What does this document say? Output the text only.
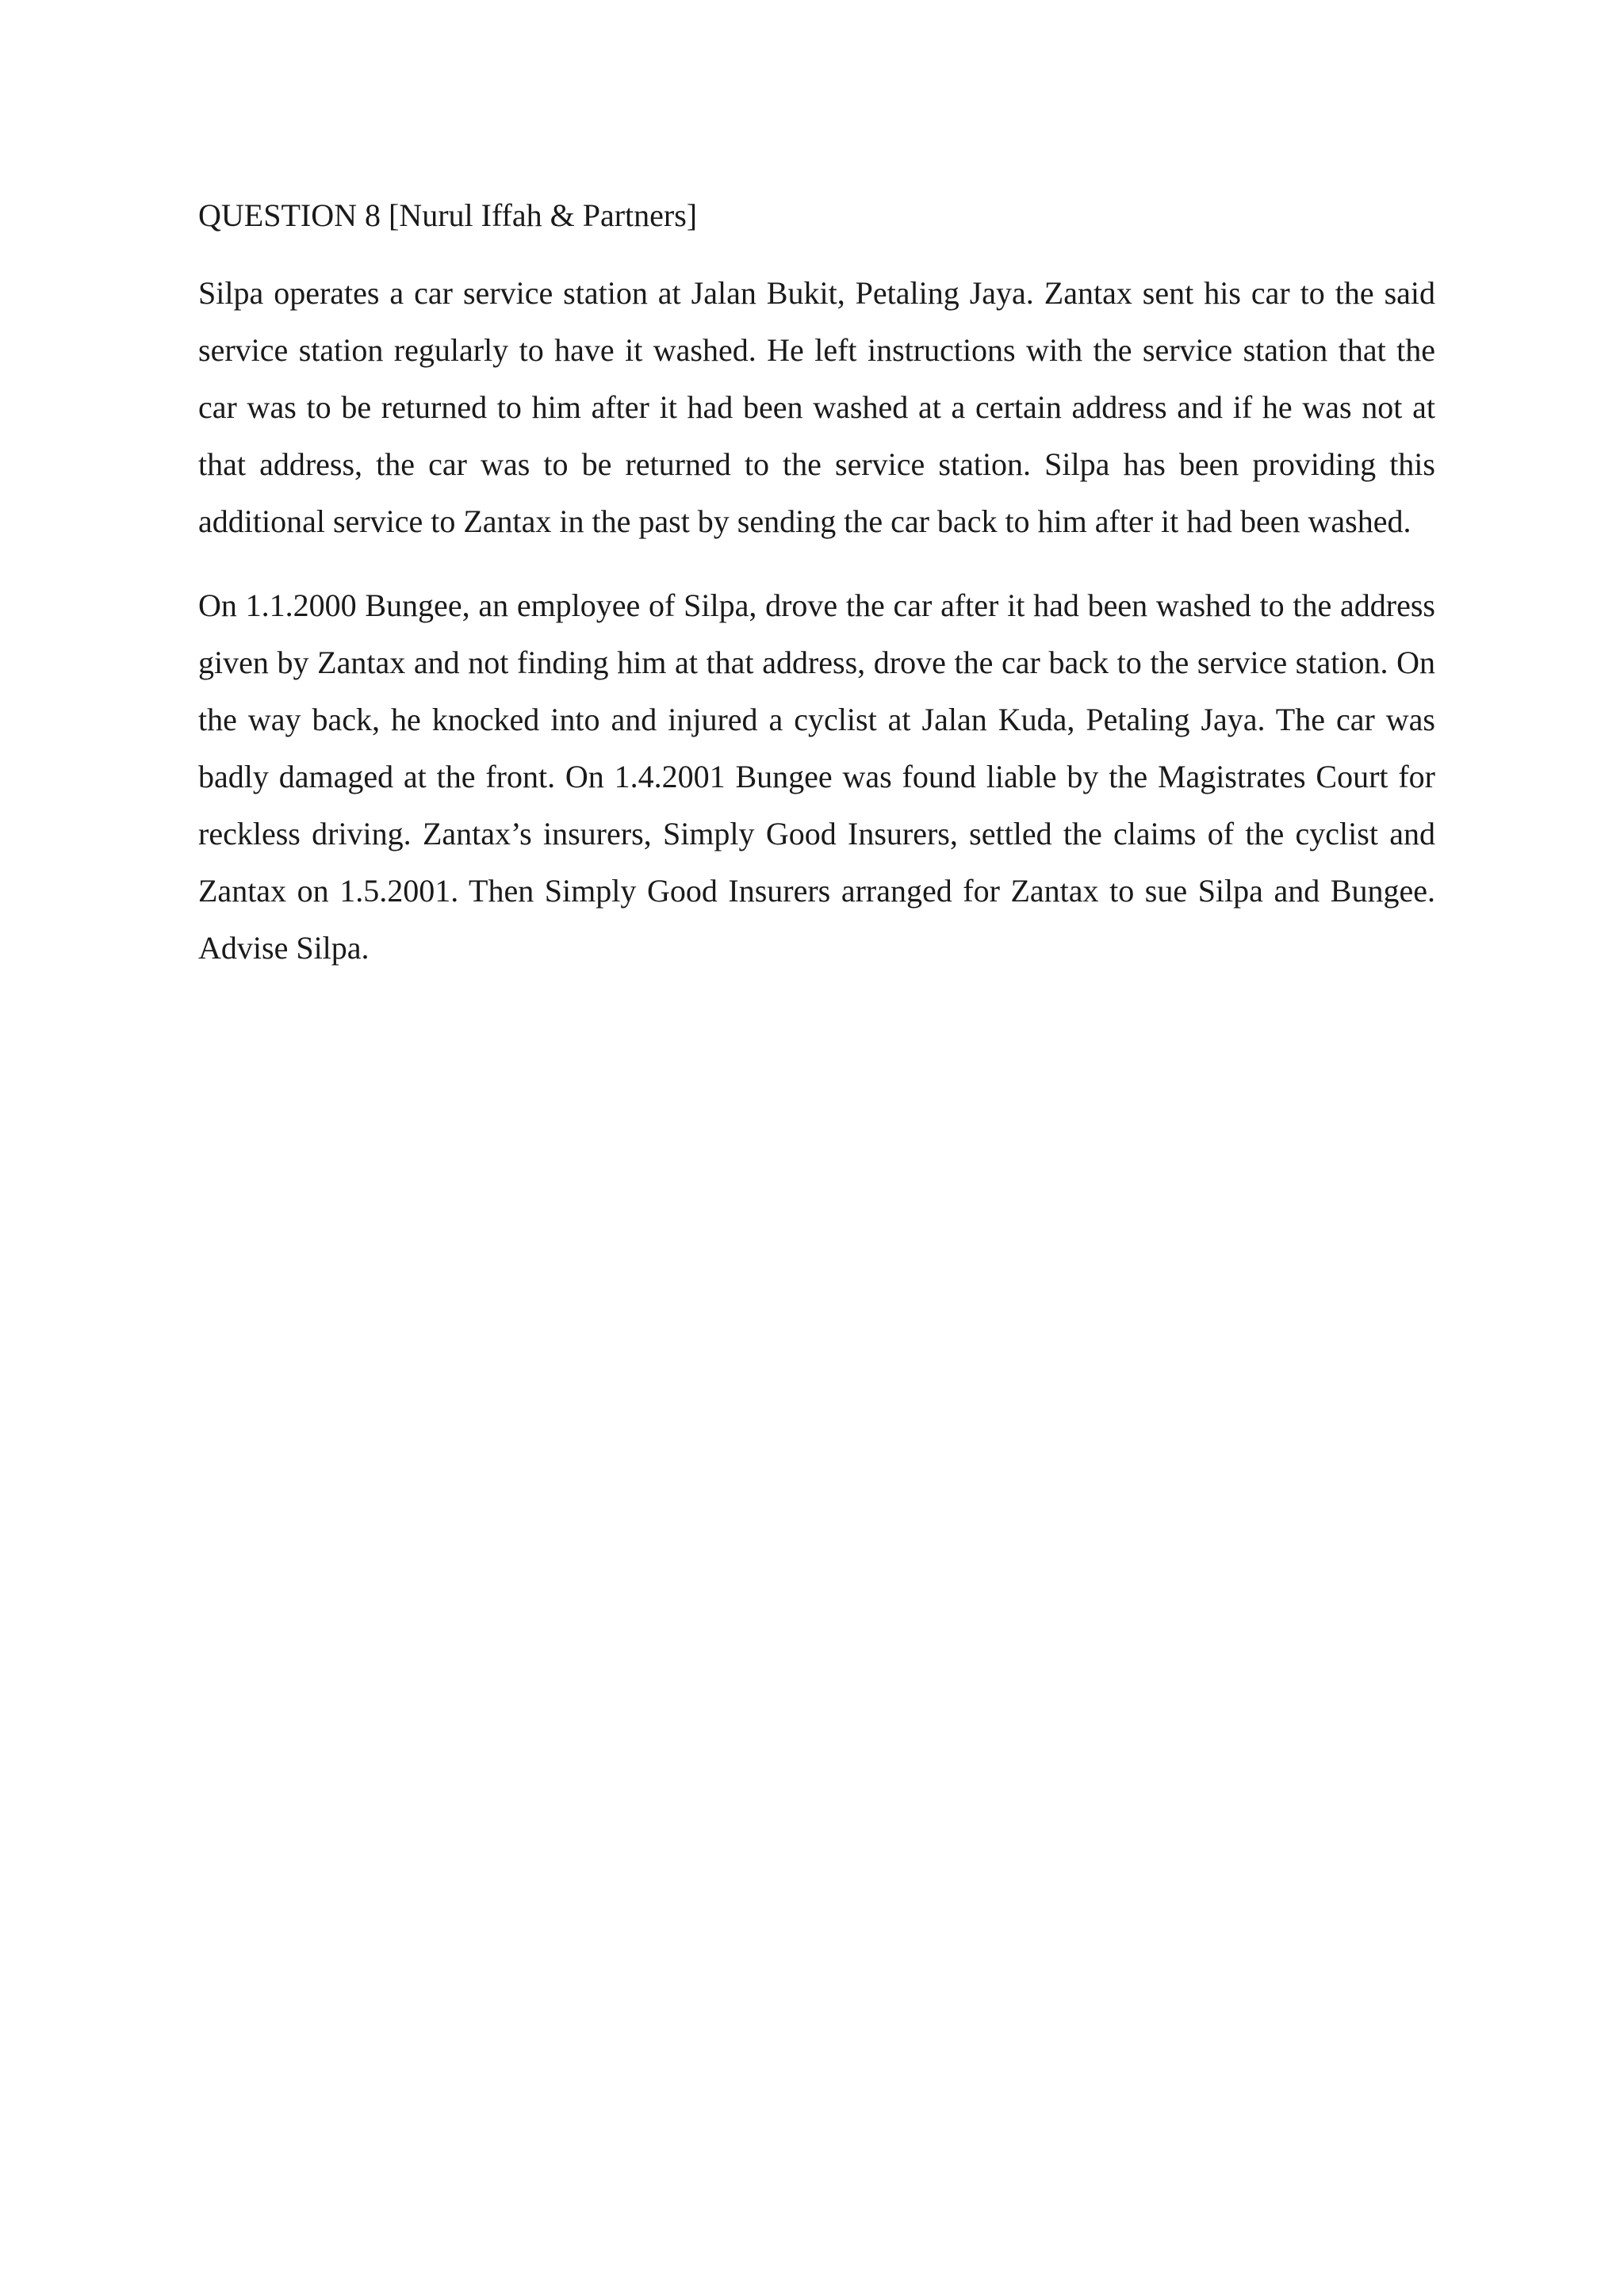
QUESTION 8 [Nurul Iffah & Partners]

Silpa operates a car service station at Jalan Bukit, Petaling Jaya. Zantax sent his car to the said service station regularly to have it washed. He left instructions with the service station that the car was to be returned to him after it had been washed at a certain address and if he was not at that address, the car was to be returned to the service station. Silpa has been providing this additional service to Zantax in the past by sending the car back to him after it had been washed.

On 1.1.2000 Bungee, an employee of Silpa, drove the car after it had been washed to the address given by Zantax and not finding him at that address, drove the car back to the service station. On the way back, he knocked into and injured a cyclist at Jalan Kuda, Petaling Jaya. The car was badly damaged at the front. On 1.4.2001 Bungee was found liable by the Magistrates Court for reckless driving. Zantax’s insurers, Simply Good Insurers, settled the claims of the cyclist and Zantax on 1.5.2001. Then Simply Good Insurers arranged for Zantax to sue Silpa and Bungee. Advise Silpa.
